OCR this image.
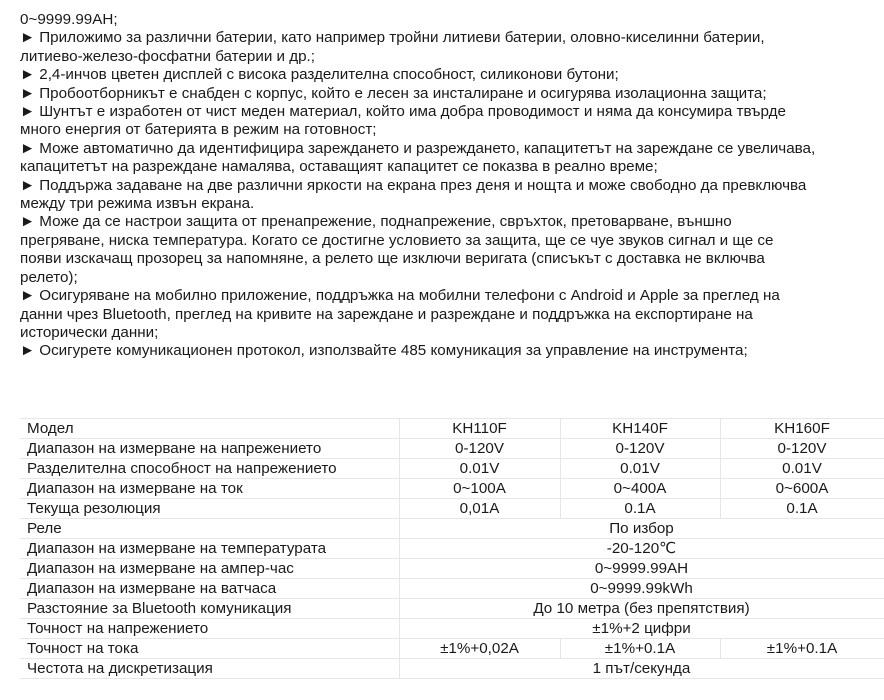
0~9999.99AH;
► Приложимо за различни батерии, като например тройни литиеви батерии, оловно-киселинни батерии,
литиево-железо-фосфатни батерии и др.;
► 2,4-инчов цветен дисплей с висока разделителна способност, силиконови бутони;
► Пробоотборникът е снабден с корпус, който е лесен за инсталиране и осигурява изолационна защита;
► Шунтът е изработен от чист меден материал, който има добра проводимост и няма да консумира твърде
много енергия от батерията в режим на готовност;
► Може автоматично да идентифицира зареждането и разреждането, капацитетът на зареждане се увеличава,
капацитетът на разреждане намалява, оставащият капацитет се показва в реално време;
► Поддържа задаване на две различни яркости на екрана през деня и нощта и може свободно да превключва
между три режима извън екрана.
► Може да се настрои защита от пренапрежение, поднапрежение, свръхток, претоварване, външно
прегряване, ниска температура. Когато се достигне условието за защита, ще се чуе звуков сигнал и ще се
появи изскачащ прозорец за напомняне, а релето ще изключи веригата (списъкът с доставка не включва
релето);
► Осигуряване на мобилно приложение, поддръжка на мобилни телефони с Android и Apple за преглед на
данни чрез Bluetooth, преглед на кривите на зареждане и разреждане и поддръжка на експортиране на
исторически данни;
► Осигурете комуникационен протокол, използвайте 485 комуникация за управление на инструмента;
Модел	KH110F	KH140F	KH160F
Диапазон на измерване на напрежението	0-120V	0-120V	0-120V
Разделителна способност на напрежението	0.01V	0.01V	0.01V
Диапазон на измерване на ток	0~100A	0~400A	0~600A
Текуща резолюция	0,01A	0.1A	0.1A
Реле	По избор		
Диапазон на измерване на температурата	-20-120℃		
Диапазон на измерване на ампер-час	0~9999.99AH		
Диапазон на измерване на ватчаса	0~9999.99kWh		
Разстояние за Bluetooth комуникация	До 10 метра (без препятствия)		
Точност на напрежението	±1%+2 цифри		
Точност на тока	±1%+0,02A	±1%+0.1A	±1%+0.1A
Честота на дискретизация	1 път/секунда		
